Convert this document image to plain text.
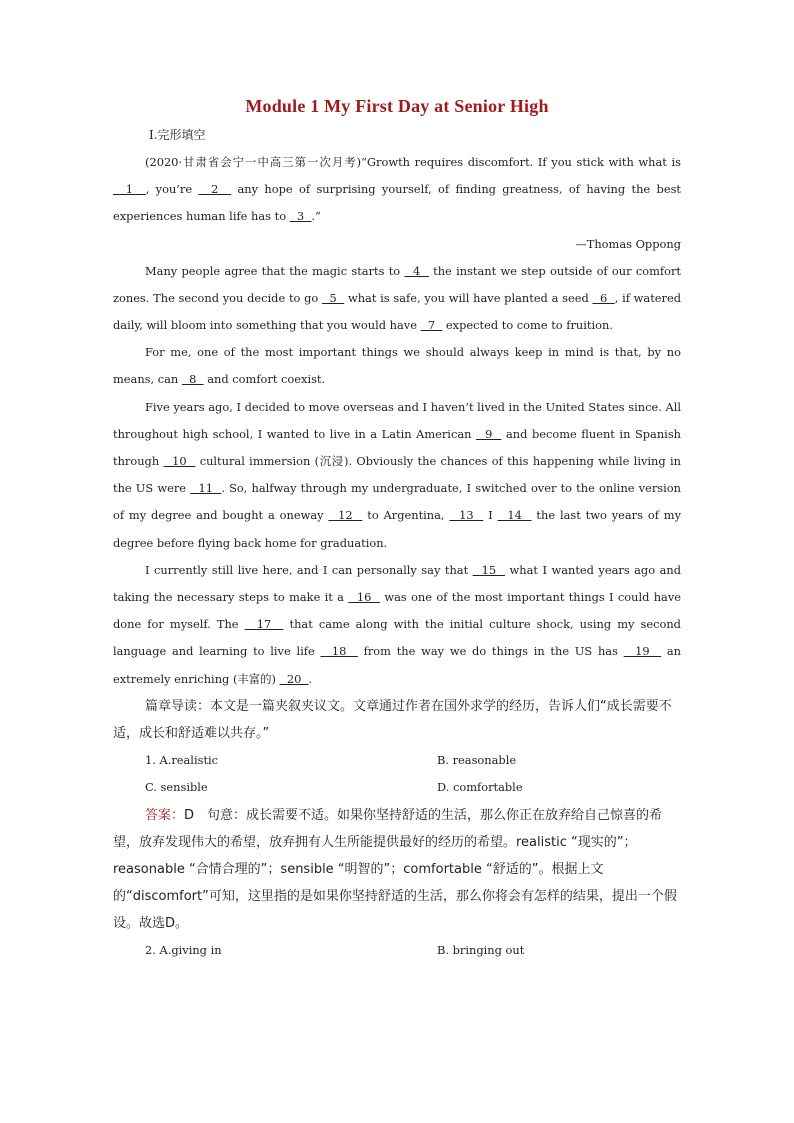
Module 1 My First Day at Senior High
Ⅰ.完形填空

(2020·甘肃省会宁一中高三第一次月考)“Growth requires discomfort. If you stick with what is   1  , you’re   2   any hope of surprising yourself, of finding greatness, of having the best experiences human life has to   3  .”

—Thomas Oppong

Many people agree that the magic starts to   4   the instant we step outside of our comfort zones. The second you decide to go   5   what is safe, you will have planted a seed   6  , if watered daily, will bloom into something that you would have   7   expected to come to fruition.

For me, one of the most important things we should always keep in mind is that, by no means, can   8   and comfort coexist.

Five years ago, I decided to move overseas and I haven’t lived in the United States since. All throughout high school, I wanted to live in a Latin American   9   and become fluent in Spanish through   10   cultural immersion (沉浸). Obviously the chances of this happening while living in the US were   11  . So, halfway through my undergraduate, I switched over to the online version of my degree and bought a oneway   12   to Argentina,   13   I   14   the last two years of my degree before flying back home for graduation.

I currently still live here, and I can personally say that   15   what I wanted years ago and taking the necessary steps to make it a   16   was one of the most important things I could have done for myself. The   17   that came along with the initial culture shock, using my second language and learning to live life   18   from the way we do things in the US has   19   an extremely enriching (丰富的)   20  .

篇章导读：本文是一篇夹叙夹议文。文章通过作者在国外求学的经历，告诉人们“成长需要不适，成长和舒适难以共存。”

1. A.realistic	B. reasonable
C. sensible	D. comfortable

答案：D　句意：成长需要不适。如果你坚持舒适的生活，那么你正在放弃给自己惊喜的希望，放弃发现伟大的希望，放弃拥有人生所能提供最好的经历的希望。realistic “现实的”；reasonable “合情合理的”；sensible “明智的”；comfortable “舒适的”。根据上文的“discomfort”可知，这里指的是如果你坚持舒适的生活，那么你将会有怎样的结果，提出一个假设。故选D。

2. A.giving in	B. bringing out
